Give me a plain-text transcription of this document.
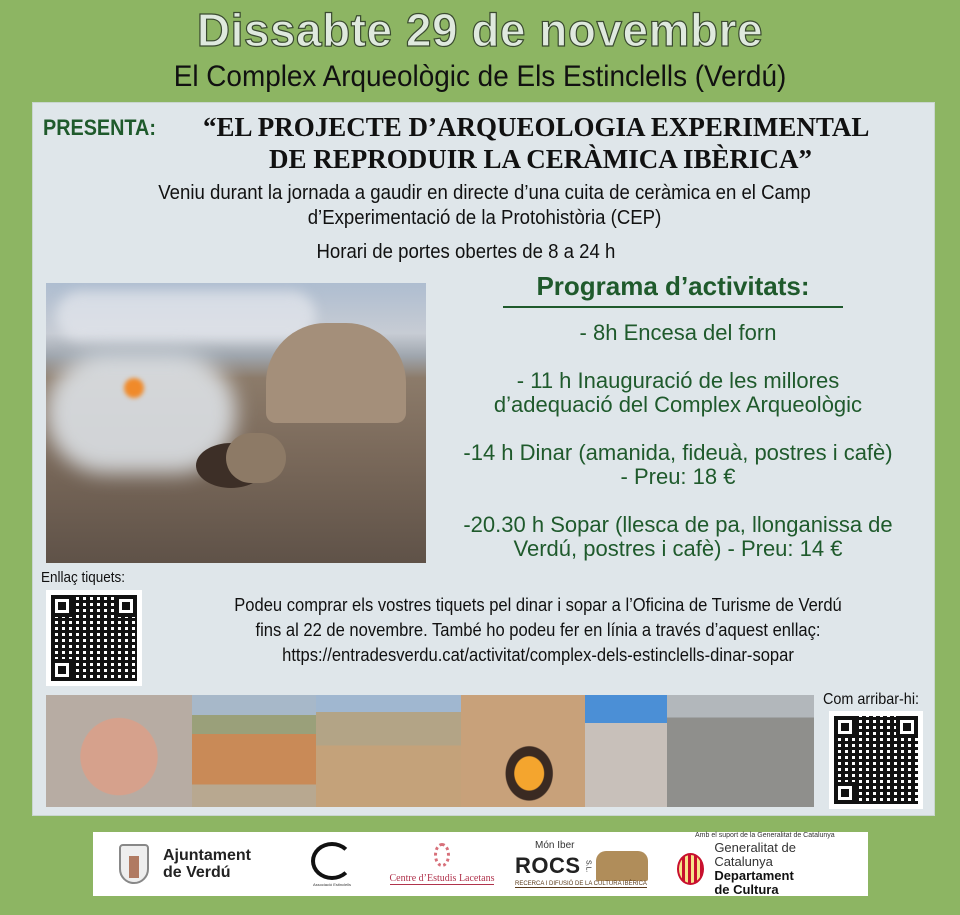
Dissabte 29 de novembre
El Complex Arqueològic de Els Estinclells (Verdú)
PRESENTA: “EL PROJECTE D’ARQUEOLOGIA EXPERIMENTAL
DE REPRODUIR LA CERÀMICA IBÈRICA”
Veniu durant la jornada a gaudir en directe d’una cuita de ceràmica en el Camp
d’Experimentació de la Protohistòria (CEP)
Horari de portes obertes de 8 a 24 h
Programa d’activitats:
- 8h Encesa del forn
- 11 h Inauguració de les millores
d’adequació del Complex Arqueològic
-14 h Dinar (amanida, fideuà, postres i cafè)
- Preu: 18 €
-20.30 h Sopar (llesca de pa, llonganissa de
Verdú, postres i cafè) - Preu: 14 €
Enllaç tiquets:
Podeu comprar els vostres tiquets pel dinar i sopar a l’Oficina de Turisme de Verdú
fins al 22 de novembre. També ho podeu fer en línia a través d’aquest enllaç:
https://entradesverdu.cat/activitat/complex-dels-estinclells-dinar-sopar
Com arribar-hi:
Ajuntament
de Verdú
Associació Estinclells	Centre d’Estudis Lacetans
Món Iber
ROCS S.L.
RECERCA I DIFUSIÓ DE LA CULTURA IBÈRICA
Amb el suport de la Generalitat de Catalunya
Generalitat de Catalunya
Departament
de Cultura
